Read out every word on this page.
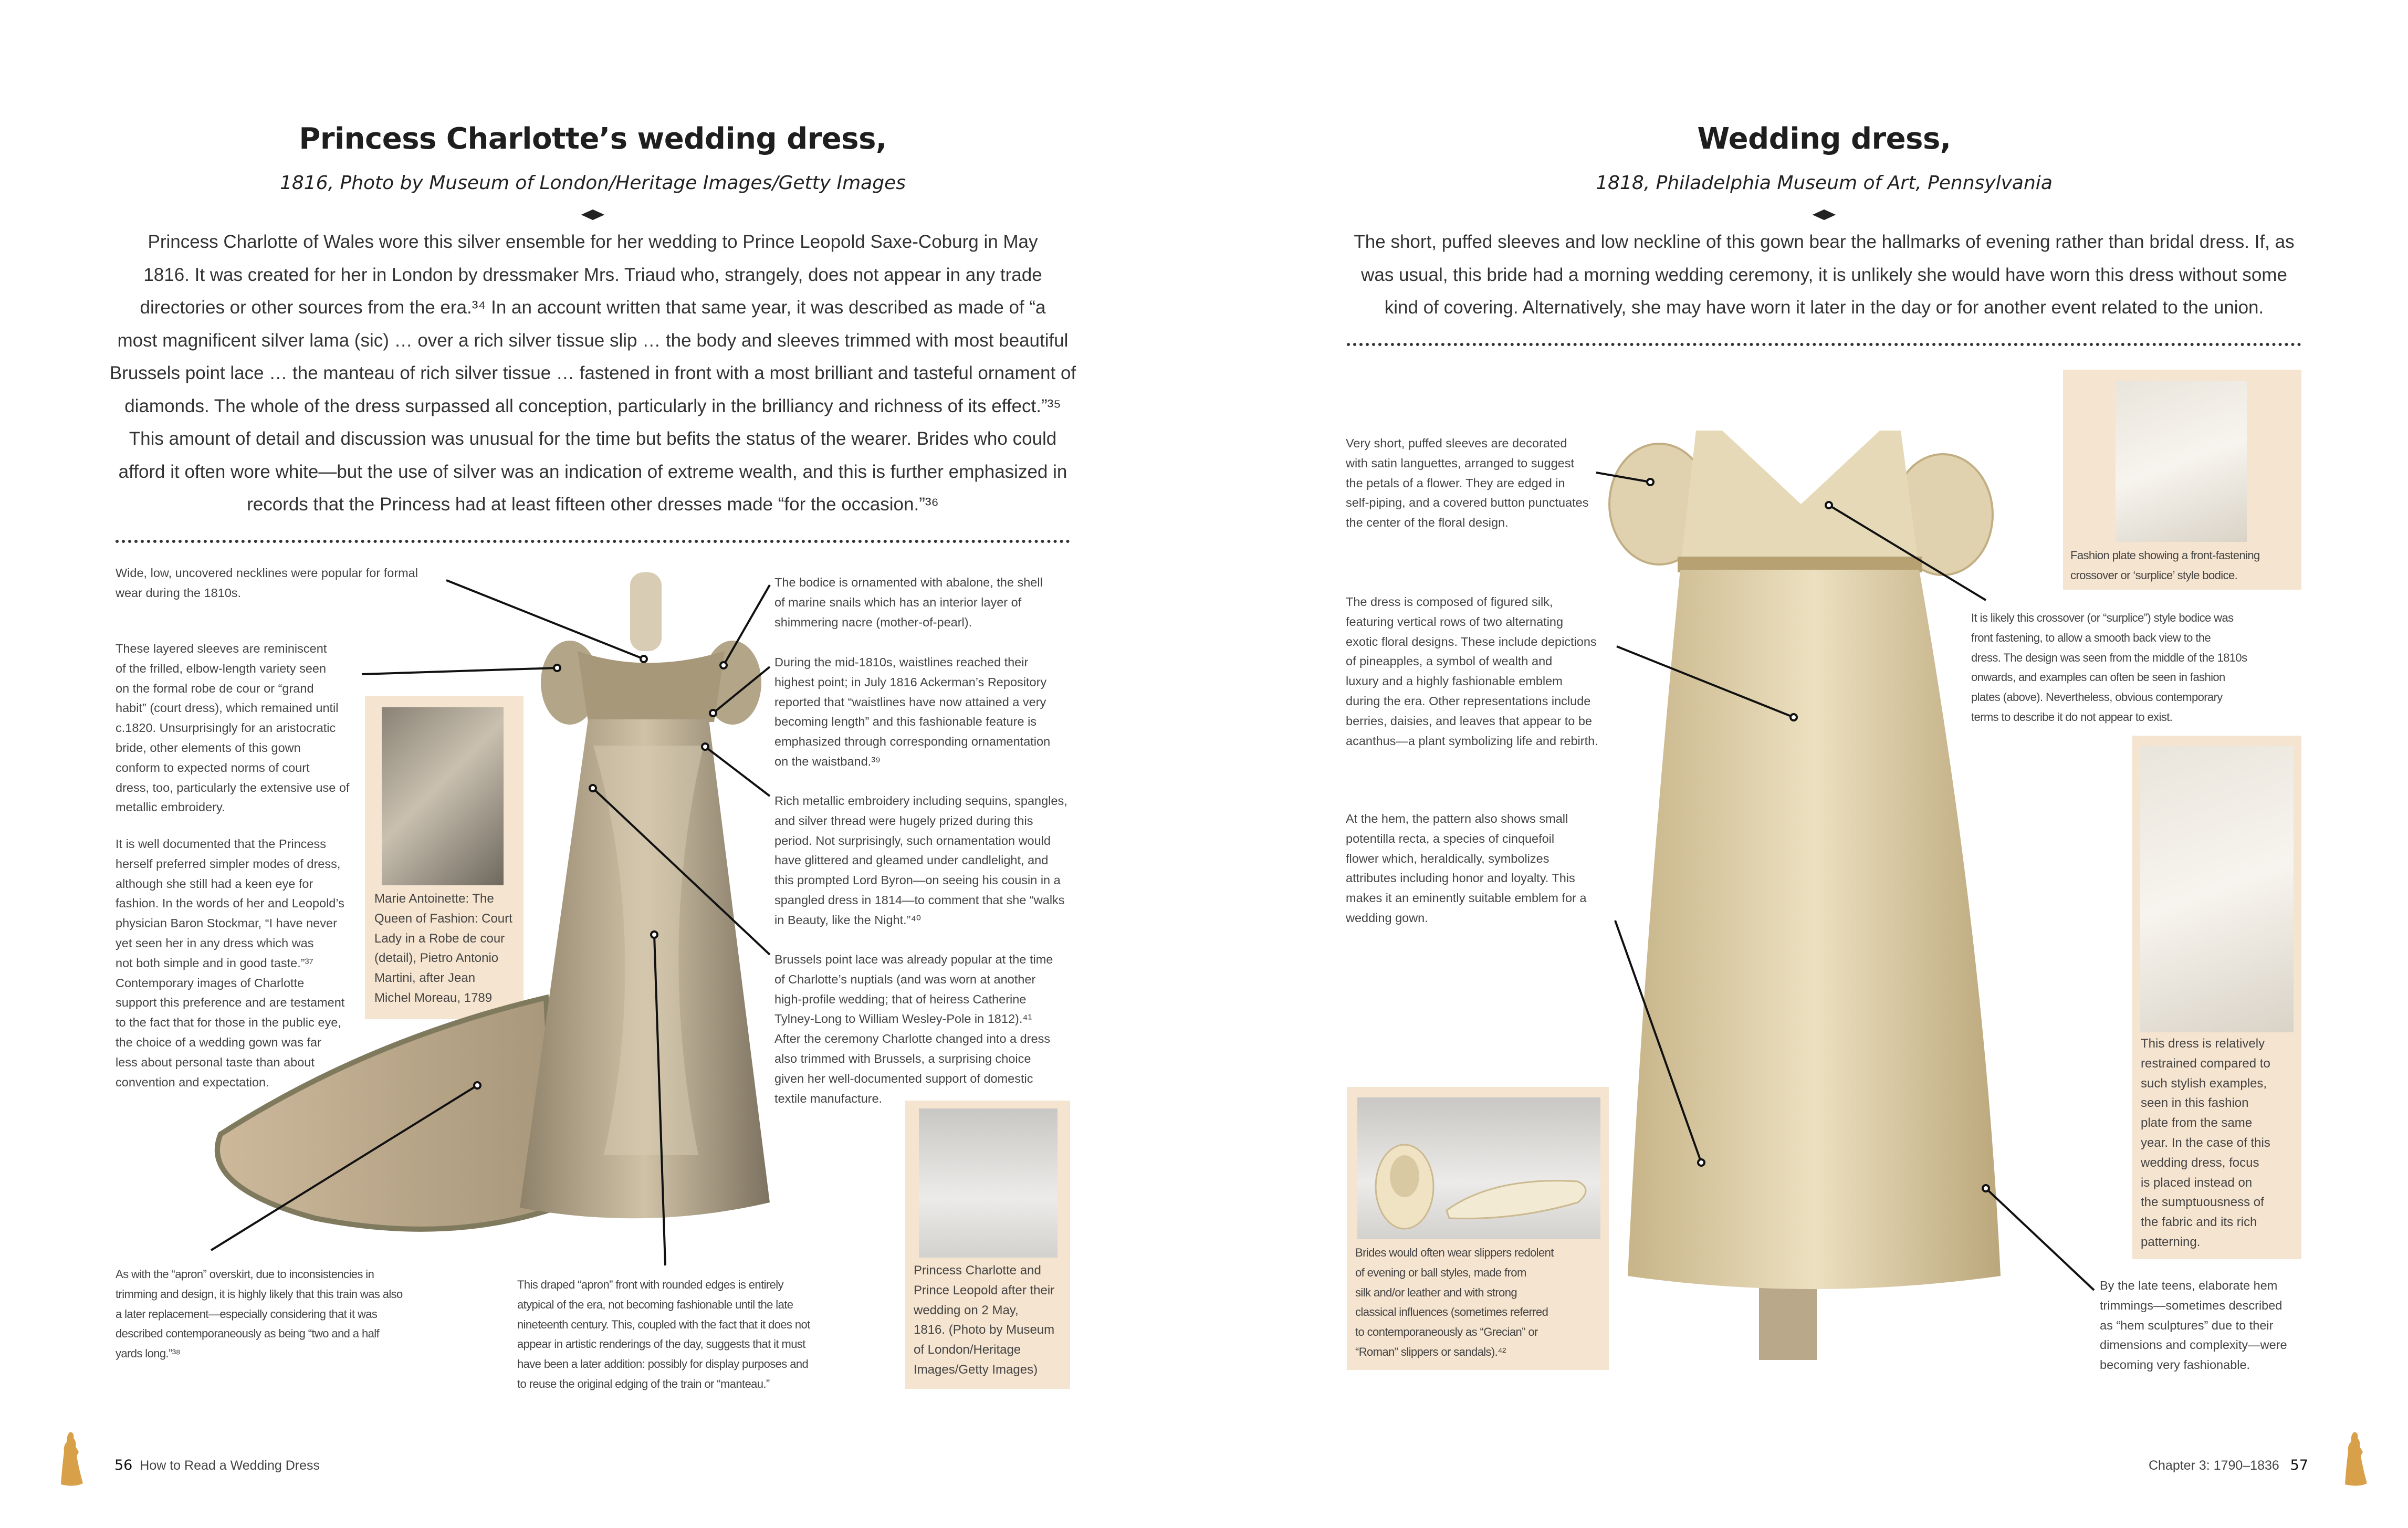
Princess Charlotte’s wedding dress,
1816, Photo by Museum of London/Heritage Images/Getty Images
Princess Charlotte of Wales wore this silver ensemble for her wedding to Prince Leopold Saxe-Coburg in May
1816. It was created for her in London by dressmaker Mrs. Triaud who, strangely, does not appear in any trade
directories or other sources from the era.³⁴ In an account written that same year, it was described as made of “a
most magnificent silver lama (sic) … over a rich silver tissue slip … the body and sleeves trimmed with most beautiful
Brussels point lace … the manteau of rich silver tissue … fastened in front with a most brilliant and tasteful ornament of
diamonds. The whole of the dress surpassed all conception, particularly in the brilliancy and richness of its effect.”³⁵
This amount of detail and discussion was unusual for the time but befits the status of the wearer. Brides who could
afford it often wore white—but the use of silver was an indication of extreme wealth, and this is further emphasized in
records that the Princess had at least fifteen other dresses made “for the occasion.”³⁶
Wide, low, uncovered necklines were popular for formal
wear during the 1810s.
These layered sleeves are reminiscent
of the frilled, elbow-length variety seen
on the formal robe de cour or “grand
habit” (court dress), which remained until
c.1820. Unsurprisingly for an aristocratic
bride, other elements of this gown
conform to expected norms of court
dress, too, particularly the extensive use of
metallic embroidery.
It is well documented that the Princess
herself preferred simpler modes of dress,
although she still had a keen eye for
fashion. In the words of her and Leopold’s
physician Baron Stockmar, “I have never
yet seen her in any dress which was
not both simple and in good taste.”³⁷
Contemporary images of Charlotte
support this preference and are testament
to the fact that for those in the public eye,
the choice of a wedding gown was far
less about personal taste than about
convention and expectation.
Marie Antoinette: The
Queen of Fashion: Court
Lady in a Robe de cour
(detail), Pietro Antonio
Martini, after Jean
Michel Moreau, 1789
The bodice is ornamented with abalone, the shell
of marine snails which has an interior layer of
shimmering nacre (mother-of-pearl).
During the mid-1810s, waistlines reached their
highest point; in July 1816 Ackerman’s Repository
reported that “waistlines have now attained a very
becoming length” and this fashionable feature is
emphasized through corresponding ornamentation
on the waistband.³⁹
Rich metallic embroidery including sequins, spangles,
and silver thread were hugely prized during this
period. Not surprisingly, such ornamentation would
have glittered and gleamed under candlelight, and
this prompted Lord Byron—on seeing his cousin in a
spangled dress in 1814—to comment that she “walks
in Beauty, like the Night.”⁴⁰
Brussels point lace was already popular at the time
of Charlotte’s nuptials (and was worn at another
high-profile wedding; that of heiress Catherine
Tylney-Long to William Wesley-Pole in 1812).⁴¹
After the ceremony Charlotte changed into a dress
also trimmed with Brussels, a surprising choice
given her well-documented support of domestic
textile manufacture.
Princess Charlotte and
Prince Leopold after their
wedding on 2 May,
1816. (Photo by Museum
of London/Heritage
Images/Getty Images)
As with the “apron” overskirt, due to inconsistencies in
trimming and design, it is highly likely that this train was also
a later replacement—especially considering that it was
described contemporaneously as being “two and a half
yards long.”³⁸
This draped “apron” front with rounded edges is entirely
atypical of the era, not becoming fashionable until the late
nineteenth century. This, coupled with the fact that it does not
appear in artistic renderings of the day, suggests that it must
have been a later addition: possibly for display purposes and
to reuse the original edging of the train or “manteau.”
Wedding dress,
1818, Philadelphia Museum of Art, Pennsylvania
The short, puffed sleeves and low neckline of this gown bear the hallmarks of evening rather than bridal dress. If, as
was usual, this bride had a morning wedding ceremony, it is unlikely she would have worn this dress without some
kind of covering. Alternatively, she may have worn it later in the day or for another event related to the union.
Very short, puffed sleeves are decorated
with satin languettes, arranged to suggest
the petals of a flower. They are edged in
self-piping, and a covered button punctuates
the center of the floral design.
The dress is composed of figured silk,
featuring vertical rows of two alternating
exotic floral designs. These include depictions
of pineapples, a symbol of wealth and
luxury and a highly fashionable emblem
during the era. Other representations include
berries, daisies, and leaves that appear to be
acanthus—a plant symbolizing life and rebirth.
At the hem, the pattern also shows small
potentilla recta, a species of cinquefoil
flower which, heraldically, symbolizes
attributes including honor and loyalty. This
makes it an eminently suitable emblem for a
wedding gown.
Fashion plate showing a front-fastening
crossover or ‘surplice’ style bodice.
It is likely this crossover (or “surplice”) style bodice was
front fastening, to allow a smooth back view to the
dress. The design was seen from the middle of the 1810s
onwards, and examples can often be seen in fashion
plates (above). Nevertheless, obvious contemporary
terms to describe it do not appear to exist.
This dress is relatively
restrained compared to
such stylish examples,
seen in this fashion
plate from the same
year. In the case of this
wedding dress, focus
is placed instead on
the sumptuousness of
the fabric and its rich
patterning.
By the late teens, elaborate hem
trimmings—sometimes described
as “hem sculptures” due to their
dimensions and complexity—were
becoming very fashionable.
Brides would often wear slippers redolent
of evening or ball styles, made from
silk and/or leather and with strong
classical influences (sometimes referred
to contemporaneously as “Grecian” or
“Roman” slippers or sandals).⁴²
56 How to Read a Wedding Dress	Chapter 3: 1790–1836 57
